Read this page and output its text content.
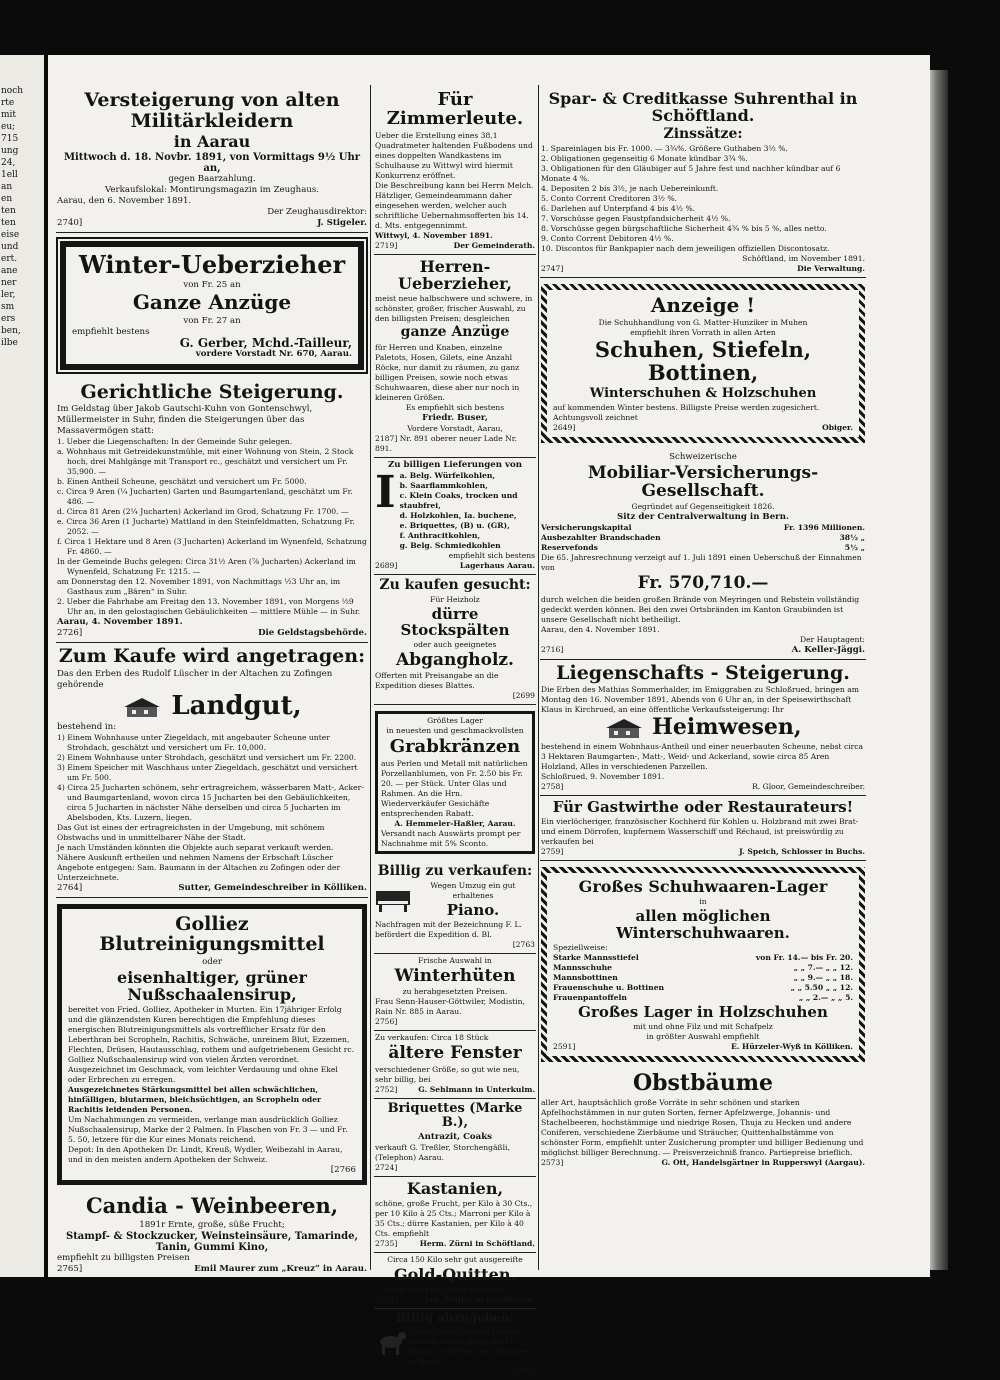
noch
rte
mit
eu;
715
ung
24,
1ell
an
en
ten
ten
eise
und
ert.
ane
ner
ler,
sm
ers
ben,
ilbe
Versteigerung von alten Militärkleidern
in Aarau

Mittwoch d. 18. Novbr. 1891, von Vormittags 9½ Uhr an,

gegen Baarzahlung.

Verkaufslokal: Montirungsmagazin im Zeughaus.

Aarau, den 6. November 1891.

Der Zeughausdirektor:

2740]	J. Stigeler.
Winter-Ueberzieher

von Fr. 25 an

Ganze Anzüge

von Fr. 27 an

empfiehlt bestens

G. Gerber, Mchd.-Tailleur,

vordere Vorstadt Nr. 670, Aarau.

Gerichtliche Steigerung.

Im Geldstag über Jakob Gautschi-Kuhn von Gontenschwyl, Müllermeister in Suhr, finden die Steigerungen über das Massavermögen statt:

1. Ueber die Liegenschaften: In der Gemeinde Suhr gelegen.
a. Wohnhaus mit Getreidekunstmühle, mit einer Wohnung von Stein, 2 Stock hoch, drei Mahlgänge mit Transport rc., geschätzt und versichert um Fr. 35,900. —
b. Einen Antheil Scheune, geschätzt und versichert um Fr. 5000.
c. Circa 9 Aren (¼ Jucharten) Garten und Baumgartenland, geschätzt um Fr. 486. —
d. Circa 81 Aren (2¼ Jucharten) Ackerland im Grod, Schatzung Fr. 1700. —
e. Circa 36 Aren (1 Jucharte) Mattland in den Steinfeldmatten, Schatzung Fr. 2052. —
f. Circa 1 Hektare und 8 Aren (3 Jucharten) Ackerland im Wynenfeld, Schatzung Fr. 4860. —
In der Gemeinde Buchs gelegen: Circa 31½ Aren (⅞ Jucharten) Ackerland im Wynenfeld, Schatzung Fr. 1215. —
am Donnerstag den 12. November 1891, von Nachmittags ½3 Uhr an, im Gasthaus zum „Bären“ in Suhr.
2. Ueber die Fahrhabe am Freitag den 13. November 1891, von Morgens ½9 Uhr an, in den gelostagischen Gebäulichkeiten — mittlere Mühle — in Suhr.
Aarau, 4. November 1891.
2726]	Die Geldstagsbehörde.
Zum Kaufe wird angetragen:

Das den Erben des Rudolf Lüscher in der Altachen zu Zofingen gehörende

Landgut,

bestehend in:

1) Einem Wohnhause unter Ziegeldach, mit angebauter Scheune unter Strohdach, geschätzt und versichert um Fr. 10,000.
2) Einem Wohnhause unter Strohdach, geschätzt und versichert um Fr. 2200.
3) Einem Speicher mit Waschhaus unter Ziegeldach, geschätzt und versichert um Fr. 500.
4) Circa 25 Jucharten schönem, sehr ertragreichem, wässerbaren Matt-, Acker- und Baumgartenland, wovon circa 15 Jucharten bei den Gebäulichkeiten, circa 5 Jucharten in nächster Nähe derselben und circa 5 Jucharten im Abelsboden, Kts. Luzern, liegen.

Das Gut ist eines der ertragreichsten in der Umgebung, mit schönem Obstwachs und in unmittelbarer Nähe der Stadt.

Je nach Umständen könnten die Objekte auch separat verkauft werden.

Nähere Auskunft ertheilen und nehmen Namens der Erbschaft Lüscher Angebote entgegen: Sam. Baumann in der Altachen zu Zofingen oder der Unterzeichnete.

2764]	Sutter, Gemeindeschreiber in Kölliken.
Golliez Blutreinigungsmittel

oder

eisenhaltiger, grüner Nußschaalensirup,

bereitet von Fried. Golliez, Apotheker in Murten. Ein 17jähriger Erfolg und die glänzendsten Kuren berechtigen die Empfehlung dieses energischen Blutreinigungsmittels als vortrefflicher Ersatz für den Leberthran bei Scropheln, Rachitis, Schwäche, unreinem Blut, Ezzemen, Flechten, Drüsen, Hautausschlag, rothem und aufgetriebenem Gesicht rc. Golliez Nußschaalensirup wird von vielen Ärzten verordnet. Ausgezeichnet im Geschmack, vom leichter Verdauung und ohne Ekel oder Erbrechen zu erregen.

Ausgezeichnetes Stärkungsmittel bei allen schwächlichen, hinfälligen, blutarmen, bleichsüchtigen, an Scropheln oder Rachitis leidenden Personen.

Um Nachahmungen zu vermeiden, verlange man ausdrücklich Golliez Nußschaalensirup, Marke der 2 Palmen. In Flaschen von Fr. 3 — und Fr. 5. 50, letzere für die Kur eines Monats reichend.

Depot: In den Apotheken Dr. Lindt, Kreuß, Wydler, Weibezahl in Aarau, und in den meisten andern Apotheken der Schweiz.

[2766

Candia - Weinbeeren,

1891r Ernte, große, süße Frucht;

Stampf- & Stockzucker, Weinsteinsäure, Tamarinde, Tanin, Gummi Kino,

empfiehlt zu billigsten Preisen

2765]	Emil Maurer zum „Kreuz“ in Aarau.
Für Zimmerleute.

Ueber die Erstellung eines 38,1 Quadratmeter haltenden Fußbodens und eines doppelten Wandkastens im Schulhause zu Wittwyl wird hiermit Konkurrenz eröffnet.

Die Beschreibung kann bei Herrn Melch. Hätzliger, Gemeindeammann daher eingesehen werden, welcher auch schriftliche Uebernahmsofferten bis 14. d. Mts. entgegennimmt.

Wittwyl, 4. November 1891.

2719]	Der Gemeinderath.
Herren-Ueberzieher,

meist neue halbschwere und schwere, in schönster, großer, frischer Auswahl, zu den billigsten Preisen; desgleichen

ganze Anzüge

für Herren und Knaben, einzelne Paletots, Hosen, Gilets, eine Anzahl Röcke, nur damit zu räumen, zu ganz billigen Preisen, sowie noch etwas Schuhwaaren, diese aber nur noch in kleineren Größen.

Es empfiehlt sich bestens

Friedr. Buser,

Vordere Vorstadt, Aarau,

2187] Nr. 891 oberer neuer Lade Nr. 891.

Zu billigen Lieferungen von

I a. Belg. Würfelkohlen,
b. Saarflammkohlen,
c. Klein Coaks, trocken und staubfrei,
d. Holzkohlen, Ia. buchene,
e. Briquettes, (B) u. (GR),
f. Anthracitkohlen,
g. Belg. Schmiedkohlen

empfiehlt sich bestens

2689]	Lagerhaus Aarau.
Zu kaufen gesucht:

Für Heizholz

dürre Stockspälten

oder auch geeignetes

Abgangholz.

Offerten mit Preisangabe an die Expedition dieses Blattes.

[2699

Größtes Lager

in neuesten und geschmackvollsten

Grabkränzen

aus Perlen und Metall mit natürlichen Porzellanblumen, von Fr. 2.50 bis Fr. 20. — per Stück. Unter Glas und Rahmen. An die Hrn. Wiederverkäufer Gesichäfte entsprechenden Rabatt.

A. Hemmeler-Haßler, Aarau.

Versandt nach Auswärts prompt per Nachnahme mit 5% Sconto.

Billig zu verkaufen:

Wegen Umzug ein gut erhaltenes

Piano.

Nachfragen mit der Bezeichnung F. L. befördert die Expedition d. Bl.

[2763

Frische Auswahl in

Winterhüten

zu herabgesetzten Preisen.

Frau Senn-Hauser-Göttwiler, Modistin, Rain Nr. 885 in Aarau.

2756]

Zu verkaufen: Circa 18 Stück

ältere Fenster

verschiedener Größe, so gut wie neu, sehr billig, bei

2752]	G. Sehlmann in Unterkulm.
Briquettes (Marke B.),

Antrazit, Coaks

verkauft G. Treßler, Storchengäßli, (Telephon) Aarau.

2724]

Kastanien,

schöne, große Frucht, per Kilo à 30 Cts., per 10 Kilo à 25 Cts.; Marroni per Kilo à 35 Cts.; dürre Kastanien, per Kilo à 40 Cts. empfiehlt

2735]	Herm. Zürni in Schöftland.

Circa 150 Kilo sehr gut ausgereifte

Gold-Quitten,

à 30 Rp. per Kilo hat zu verkaufen

2734]	Joh. Müller in Schöftland.
Billig abzugeben:

Einige junge Doggen (Rüden), schöne, kleine Rage, bei Ph. Klume, Schreiner im „Hammer“ in Aarau.

[2762

Spar- & Creditkasse Suhrenthal in Schöftland.
Zinssätze:
1. Spareinlagen bis Fr. 1000. — 3¾%. Größere Guthaben 3½ %.
2. Obligationen gegenseitig 6 Monate kündbar 3¾ %.
3. Obligationen für den Gläubiger auf 5 Jahre fest und nachher kündbar auf 6 Monate 4 %.
4. Depositen 2 bis 3½, je nach Uebereinkunft.
5. Conto Corrent Creditoren 3½ %.
6. Darlehen auf Unterpfand 4 bis 4½ %.
7. Vorschüsse gegen Faustpfandsicherheit 4½ %.
8. Vorschüsse gegen bürgschaftliche Sicherheit 4¾ % bis 5 %, alles netto.
9. Conto Corrent Debitoren 4½ %.
10. Discontos für Bankpapier nach dem jeweiligen offiziellen Discontosatz.

Schöftland, im November 1891.

2747]	Die Verwaltung.
Anzeige !

Die Schuhhandlung von G. Matter-Hunziker in Muhen

empfiehlt ihren Vorrath in allen Arten

Schuhen, Stiefeln, Bottinen,
Winterschuhen & Holzschuhen

auf kommenden Winter bestens. Billigste Preise werden zugesichert.

Achtungsvoll zeichnet

2649]	Obiger.

Schweizerische

Mobiliar-Versicherungs-Gesellschaft.

Gegründet auf Gegenseitigkeit 1826.

Sitz der Centralverwaltung in Bern.

Versicherungskapital	Fr. 1396 Millionen.
Ausbezahlter Brandschaden	38½ „
Reservefonds	5½ „

Die 65. Jahresrechnung verzeigt auf 1. Juli 1891 einen Ueberschuß der Einnahmen von

Fr. 570,710.—

durch welchen die beiden großen Brände von Meyringen und Rebstein vollständig gedeckt werden können. Bei den zwei Ortsbränden im Kanton Graubünden ist unsere Gesellschaft nicht betheiligt.

Aarau, den 4. November 1891.

Der Hauptagent:

2716]	A. Keller-Jäggi.
Liegenschafts - Steigerung.

Die Erben des Mathias Sommerhalder, im Emiggraben zu Schloßrued, bringen am Montag den 16. November 1891, Abends von 6 Uhr an, in der Speisewirthschaft Klaus in Kirchrued, an eine öffentliche Verkaufssteigerung: Ihr

Heimwesen,

bestehend in einem Wohnhaus-Antheil und einer neuerbauten Scheune, nebst circa 3 Hektaren Baumgarten-, Matt-, Weid- und Ackerland, sowie circa 85 Aren Holzland, Alles in verschiedenen Parzellen.

Schloßrued, 9. November 1891.

2758]	R. Gloor, Gemeindeschreiber.
Für Gastwirthe oder Restaurateurs!

Ein vierlöcheriger, französischer Kochherd für Kohlen u. Holzbrand mit zwei Brat- und einem Dörrofen, kupfernem Wasserschiff und Réchaud, ist preiswürdig zu verkaufen bei

2759]	J. Speich, Schlosser in Buchs.
Großes Schuhwaaren-Lager

in

allen möglichen Winterschuhwaaren.

Speziellweise:

Starke Mannsstiefel	von Fr. 14.— bis Fr. 20.
Mannsschuhe	„ „ 7.— „ „ 12.
Mannsbottinen	„ „ 9.— „ „ 18.
Frauenschuhe u. Bottinen	„ „ 5.50 „ „ 12.
Frauenpantoffeln	„ „ 2.— „ „ 5.
Großes Lager in Holzschuhen

mit und ohne Filz und mit Schafpelz

in größter Auswahl empfiehlt

2591]	E. Hürzeler-Wyß in Kölliken.
Obstbäume

aller Art, hauptsächlich große Vorräte in sehr schönen und starken Apfelhochstämmen in nur guten Sorten, ferner Apfelzwerge, Johannis- und Stachelbeeren, hochstämmige und niedrige Rosen, Thuja zu Hecken und andere Coniferen, verschiedene Zierbäume und Sträucher, Quittenhalbstämme von schönster Form, empfiehlt unter Zusicherung prompter und billiger Bedienung und möglichst billiger Berechnung. — Preisverzeichniß franco. Partiepreise brieflich.

2573]	G. Ott, Handelsgärtner in Rupperswyl (Aargau).
